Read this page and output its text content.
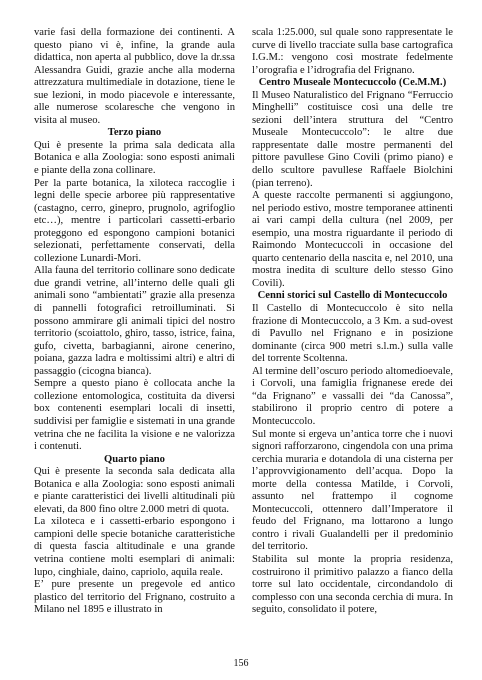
varie fasi della formazione dei continenti. A questo piano vi è, infine, la grande aula didattica, non aperta al pubblico, dove la dr.ssa Alessandra Guidi, grazie anche alla moderna attrezzatura multimediale in dotazione, tiene le sue lezioni, in modo piacevole e interessante, alle numerose scolaresche che vengono in visita al museo.

Terzo piano

Qui è presente la prima sala dedicata alla Botanica e alla Zoologia: sono esposti animali e piante della zona collinare.

Per la parte botanica, la xiloteca raccoglie i legni delle specie arboree più rappresentative (castagno, cerro, ginepro, prugnolo, agrifoglio etc…), mentre i particolari cassetti-erbario proteggono ed espongono campioni botanici selezionati, perfettamente conservati, della collezione Lunardi-Mori.

Alla fauna del territorio collinare sono dedicate due grandi vetrine, all’interno delle quali gli animali sono “ambientati” grazie alla presenza di pannelli fotografici retroilluminati. Si possono ammirare gli animali tipici del nostro territorio (scoiattolo, ghiro, tasso, istrice, faina, gufo, civetta, barbagianni, airone cenerino, poiana, gazza ladra e moltissimi altri) e altri di passaggio (cicogna bianca).

Sempre a questo piano è collocata anche la collezione entomologica, costituita da diversi box contenenti esemplari locali di insetti, suddivisi per famiglie e sistemati in una grande vetrina che ne facilita la visione e ne valorizza i contenuti.

Quarto piano

Qui è presente la seconda sala dedicata alla Botanica e alla Zoologia: sono esposti animali e piante caratteristici dei livelli altitudinali più elevati, da 800 fino oltre 2.000 metri di quota.

La xiloteca e i cassetti-erbario espongono i campioni delle specie botaniche caratteristiche di questa fascia altitudinale e una grande vetrina contiene molti esemplari di animali: lupo, cinghiale, daino, capriolo, aquila reale.

E’ pure presente un pregevole ed antico plastico del territorio del Frignano, costruito a Milano nel 1895 e illustrato in

scala 1:25.000, sul quale sono rappresentate le curve di livello tracciate sulla base cartografica I.G.M.: vengono così mostrate fedelmente l’orografia e l’idrografia del Frignano.

Centro Museale Montecuccolo (Ce.M.M.)

Il Museo Naturalistico del Frignano “Ferruccio Minghelli” costituisce così una delle tre sezioni dell’intera struttura del “Centro Museale Montecuccolo”: le altre due rappresentate dalle mostre permanenti del pittore pavullese Gino Covili (primo piano) e dello scultore pavullese Raffaele Biolchini (pian terreno).

A queste raccolte permanenti si aggiungono, nel periodo estivo, mostre temporanee attinenti ai vari campi della cultura (nel 2009, per esempio, una mostra riguardante il periodo di Raimondo Montecuccoli in occasione del quarto centenario della nascita e, nel 2010, una mostra inedita di sculture dello stesso Gino Covili).

Cenni storici sul Castello di Montecuccolo

Il Castello di Montecuccolo è sito nella frazione di Montecuccolo, a 3 Km. a sud-ovest di Pavullo nel Frignano e in posizione dominante (circa 900 metri s.l.m.) sulla valle del torrente Scoltenna.

Al termine dell’oscuro periodo altomedioevale, i Corvoli, una famiglia frignanese erede dei “da Frignano” e vassalli dei “da Canossa”, stabilirono il proprio centro di potere a Montecuccolo.

Sul monte si ergeva un’antica torre che i nuovi signori rafforzarono, cingendola con una prima cerchia muraria e dotandola di una cisterna per l’approvvigionamento dell’acqua. Dopo la morte della contessa Matilde, i Corvoli, assunto nel frattempo il cognome Montecuccoli, ottennero dall’Imperatore il feudo del Frignano, ma lottarono a lungo contro i rivali Gualandelli per il predominio del territorio.

Stabilita sul monte la propria residenza, costruirono il primitivo palazzo a fianco della torre sul lato occidentale, circondandolo di complesso con una seconda cerchia di mura. In seguito, consolidato il potere,

156
